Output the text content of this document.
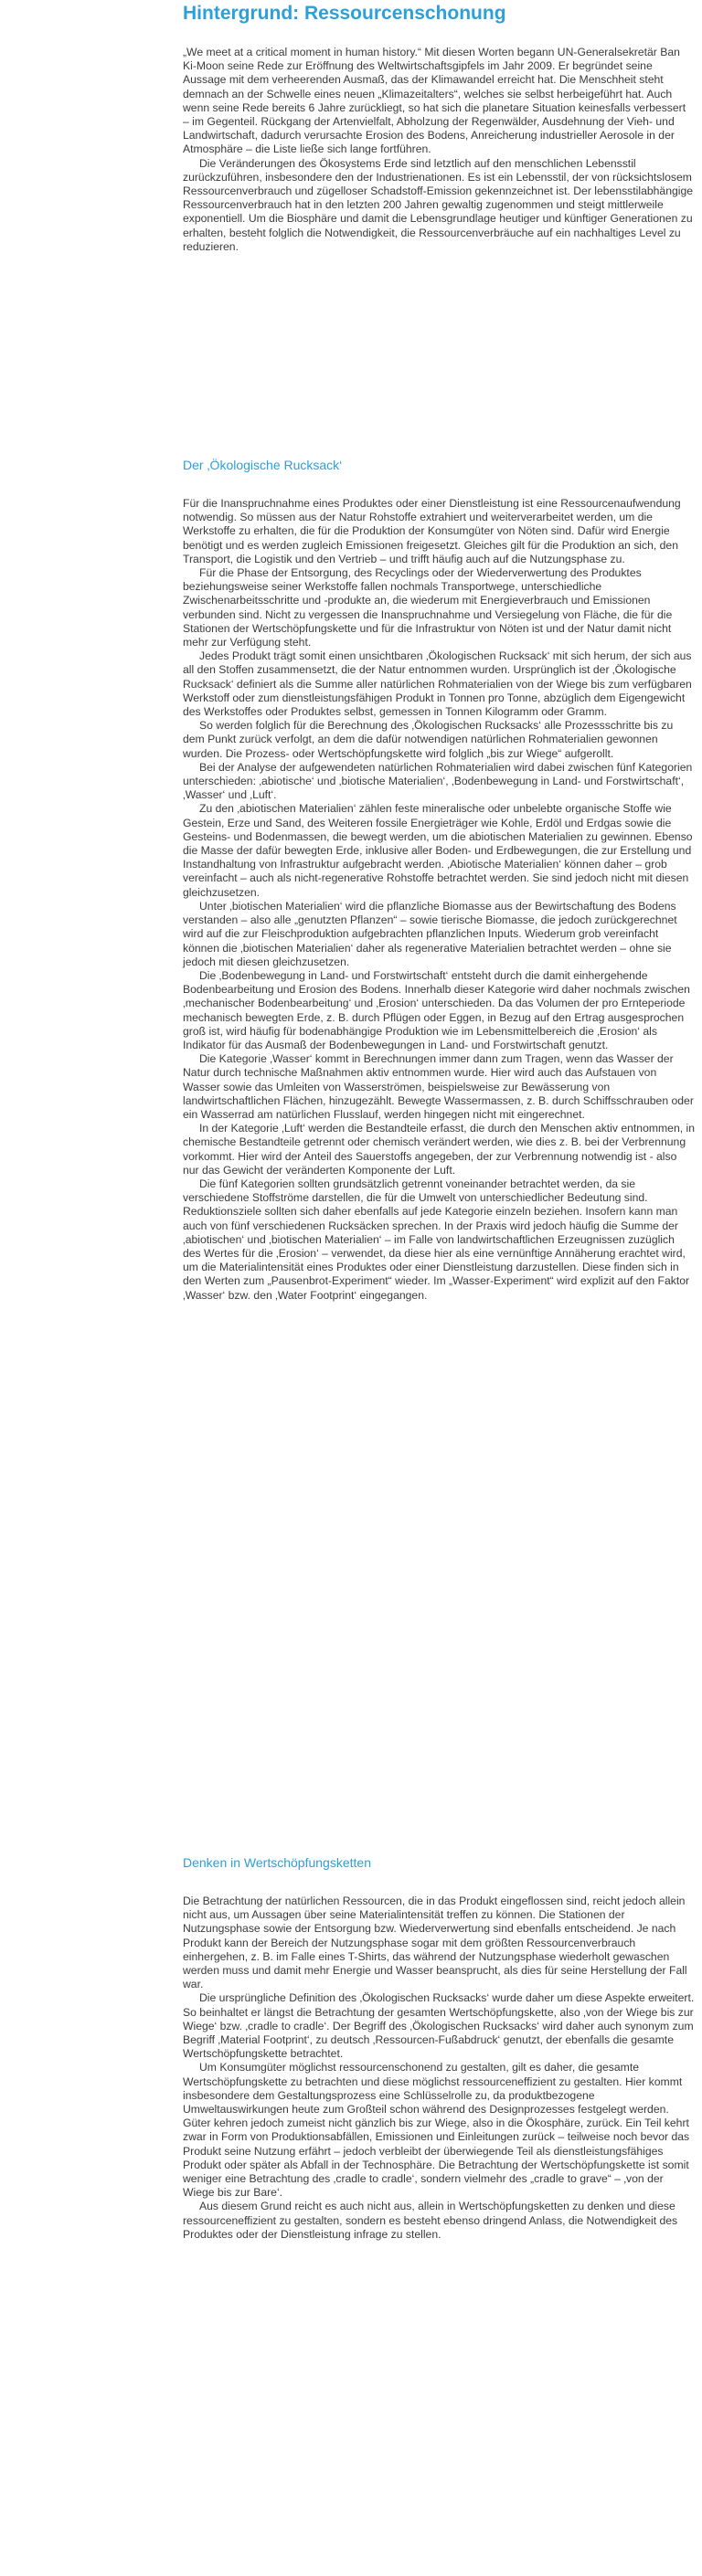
Hintergrund: Ressourcenschonung

„We meet at a critical moment in human history.“ Mit diesen Worten begann UN-Generalsekretär Ban Ki-Moon seine Rede zur Eröffnung des Weltwirtschaftsgipfels im Jahr 2009. Er begründet seine Aussage mit dem verheerenden Ausmaß, das der Klimawandel erreicht hat. Die Menschheit steht demnach an der Schwelle eines neuen „Klimazeitalters“, welches sie selbst herbeigeführt hat. Auch wenn seine Rede bereits 6 Jahre zurückliegt, so hat sich die planetare Situation keinesfalls verbessert – im Gegenteil. Rückgang der Artenvielfalt, Abholzung der Regenwälder, Ausdehnung der Vieh- und Landwirtschaft, dadurch verursachte Erosion des Bodens, Anreicherung industrieller Aerosole in der Atmosphäre – die Liste ließe sich lange fortführen.

Die Veränderungen des Ökosystems Erde sind letztlich auf den menschlichen Lebensstil zurückzuführen, insbesondere den der Industrienationen. Es ist ein Lebensstil, der von rücksichtslosem Ressourcenverbrauch und zügelloser Schadstoff-Emission gekennzeichnet ist. Der lebensstilabhängige Ressourcenverbrauch hat in den letzten 200 Jahren gewaltig zugenommen und steigt mittlerweile exponentiell. Um die Biosphäre und damit die Lebensgrundlage heutiger und künftiger Generationen zu erhalten, besteht folglich die Notwendigkeit, die Ressourcenverbräuche auf ein nachhaltiges Level zu reduzieren.

Der ‚Ökologische Rucksack‘

Für die Inanspruchnahme eines Produktes oder einer Dienstleistung ist eine Ressourcenaufwendung notwendig. So müssen aus der Natur Rohstoffe extrahiert und weiterverarbeitet werden, um die Werkstoffe zu erhalten, die für die Produktion der Konsumgüter von Nöten sind. Dafür wird Energie benötigt und es werden zugleich Emissionen freigesetzt. Gleiches gilt für die Produktion an sich, den Transport, die Logistik und den Vertrieb – und trifft häufig auch auf die Nutzungsphase zu.

Für die Phase der Entsorgung, des Recyclings oder der Wiederverwertung des Produktes beziehungsweise seiner Werkstoffe fallen nochmals Transportwege, unterschiedliche Zwischenarbeitsschritte und -produkte an, die wiederum mit Energieverbrauch und Emissionen verbunden sind. Nicht zu vergessen die Inanspruchnahme und Versiegelung von Fläche, die für die Stationen der Wertschöpfungskette und für die Infrastruktur von Nöten ist und der Natur damit nicht mehr zur Verfügung steht.

Jedes Produkt trägt somit einen unsichtbaren ‚Ökologischen Rucksack‘ mit sich herum, der sich aus all den Stoffen zusammensetzt, die der Natur entnommen wurden. Ursprünglich ist der ‚Ökologische Rucksack‘ definiert als die Summe aller natürlichen Rohmaterialien von der Wiege bis zum verfügbaren Werkstoff oder zum dienstleistungsfähigen Produkt in Tonnen pro Tonne, abzüglich dem Eigengewicht des Werkstoffes oder Produktes selbst, gemessen in Tonnen Kilogramm oder Gramm.

So werden folglich für die Berechnung des ‚Ökologischen Rucksacks‘ alle Prozessschritte bis zu dem Punkt zurück verfolgt, an dem die dafür notwendigen natürlichen Rohmaterialien gewonnen wurden. Die Prozess- oder Wertschöpfungskette wird folglich „bis zur Wiege“ aufgerollt.

Bei der Analyse der aufgewendeten natürlichen Rohmaterialien wird dabei zwischen fünf Kategorien unterschieden: ‚abiotische‘ und ‚biotische Materialien‘, ‚Bodenbewegung in Land- und Forstwirtschaft‘, ‚Wasser‘ und ‚Luft‘.

Zu den ‚abiotischen Materialien‘ zählen feste mineralische oder unbelebte organische Stoffe wie Gestein, Erze und Sand, des Weiteren fossile Energieträger wie Kohle, Erdöl und Erdgas sowie die Gesteins- und Bodenmassen, die bewegt werden, um die abiotischen Materialien zu gewinnen. Ebenso die Masse der dafür bewegten Erde, inklusive aller Boden- und Erdbewegungen, die zur Erstellung und Instandhaltung von Infrastruktur aufgebracht werden. ‚Abiotische Materialien‘ können daher – grob vereinfacht – auch als nicht-regenerative Rohstoffe betrachtet werden. Sie sind jedoch nicht mit diesen gleichzusetzen.

Unter ‚biotischen Materialien‘ wird die pflanzliche Biomasse aus der Bewirtschaftung des Bodens verstanden – also alle „genutzten Pflanzen“ – sowie tierische Biomasse, die jedoch zurückgerechnet wird auf die zur Fleischproduktion aufgebrachten pflanzlichen Inputs. Wiederum grob vereinfacht können die ‚biotischen Materialien‘ daher als regenerative Materialien betrachtet werden – ohne sie jedoch mit diesen gleichzusetzen.

Die ‚Bodenbewegung in Land- und Forstwirtschaft‘ entsteht durch die damit einhergehende Bodenbearbeitung und Erosion des Bodens. Innerhalb dieser Kategorie wird daher nochmals zwischen ‚mechanischer Bodenbearbeitung‘ und ‚Erosion‘ unterschieden. Da das Volumen der pro Ernteperiode mechanisch bewegten Erde, z. B. durch Pflügen oder Eggen, in Bezug auf den Ertrag ausgesprochen groß ist, wird häufig für bodenabhängige Produktion wie im Lebensmittelbereich die ‚Erosion‘ als Indikator für das Ausmaß der Bodenbewegungen in Land- und Forstwirtschaft genutzt.

Die Kategorie ‚Wasser‘ kommt in Berechnungen immer dann zum Tragen, wenn das Wasser der Natur durch technische Maßnahmen aktiv entnommen wurde. Hier wird auch das Aufstauen von Wasser sowie das Umleiten von Wasserströmen, beispielsweise zur Bewässerung von landwirtschaftlichen Flächen, hinzugezählt. Bewegte Wassermassen, z. B. durch Schiffsschrauben oder ein Wasserrad am natürlichen Flusslauf, werden hingegen nicht mit eingerechnet.

In der Kategorie ‚Luft‘ werden die Bestandteile erfasst, die durch den Menschen aktiv entnommen, in chemische Bestandteile getrennt oder chemisch verändert werden, wie dies z. B. bei der Verbrennung vorkommt. Hier wird der Anteil des Sauerstoffs angegeben, der zur Verbrennung notwendig ist - also nur das Gewicht der veränderten Komponente der Luft.

Die fünf Kategorien sollten grundsätzlich getrennt voneinander betrachtet werden, da sie verschiedene Stoffströme darstellen, die für die Umwelt von unterschiedlicher Bedeutung sind. Reduktionsziele sollten sich daher ebenfalls auf jede Kategorie einzeln beziehen. Insofern kann man auch von fünf verschiedenen Rucksäcken sprechen. In der Praxis wird jedoch häufig die Summe der ‚abiotischen‘ und ‚biotischen Materialien‘ – im Falle von landwirtschaftlichen Erzeugnissen zuzüglich des Wertes für die ‚Erosion‘ – verwendet, da diese hier als eine vernünftige Annäherung erachtet wird, um die Materialintensität eines Produktes oder einer Dienstleistung darzustellen. Diese finden sich in den Werten zum „Pausenbrot-Experiment“ wieder. Im „Wasser-Experiment“ wird explizit auf den Faktor ‚Wasser‘ bzw. den ‚Water Footprint‘ eingegangen.

Denken in Wertschöpfungsketten

Die Betrachtung der natürlichen Ressourcen, die in das Produkt eingeflossen sind, reicht jedoch allein nicht aus, um Aussagen über seine Materialintensität treffen zu können. Die Stationen der Nutzungsphase sowie der Entsorgung bzw. Wiederverwertung sind ebenfalls entscheidend. Je nach Produkt kann der Bereich der Nutzungsphase sogar mit dem größten Ressourcenverbrauch einhergehen, z. B. im Falle eines T-Shirts, das während der Nutzungsphase wiederholt gewaschen werden muss und damit mehr Energie und Wasser beansprucht, als dies für seine Herstellung der Fall war.

Die ursprüngliche Definition des ‚Ökologischen Rucksacks‘ wurde daher um diese Aspekte erweitert. So beinhaltet er längst die Betrachtung der gesamten Wertschöpfungskette, also ‚von der Wiege bis zur Wiege‘ bzw. ‚cradle to cradle‘. Der Begriff des ‚Ökologischen Rucksacks‘ wird daher auch synonym zum Begriff ‚Material Footprint‘, zu deutsch ‚Ressourcen-Fußabdruck‘ genutzt, der ebenfalls die gesamte Wertschöpfungskette betrachtet.

Um Konsumgüter möglichst ressourcenschonend zu gestalten, gilt es daher, die gesamte Wertschöpfungskette zu betrachten und diese möglichst ressourceneffizient zu gestalten. Hier kommt insbesondere dem Gestaltungsprozess eine Schlüsselrolle zu, da produktbezogene Umweltauswirkungen heute zum Großteil schon während des Designprozesses festgelegt werden.

Güter kehren jedoch zumeist nicht gänzlich bis zur Wiege, also in die Ökosphäre, zurück. Ein Teil kehrt zwar in Form von Produktionsabfällen, Emissionen und Einleitungen zurück – teilweise noch bevor das Produkt seine Nutzung erfährt – jedoch verbleibt der überwiegende Teil als dienstleistungsfähiges Produkt oder später als Abfall in der Technosphäre. Die Betrachtung der Wertschöpfungskette ist somit weniger eine Betrachtung des ‚cradle to cradle‘, sondern vielmehr des „cradle to grave“ – ‚von der Wiege bis zur Bare‘.

Aus diesem Grund reicht es auch nicht aus, allein in Wertschöpfungsketten zu denken und diese ressourceneffizient zu gestalten, sondern es besteht ebenso dringend Anlass, die Notwendigkeit des Produktes oder der Dienstleistung infrage zu stellen.
